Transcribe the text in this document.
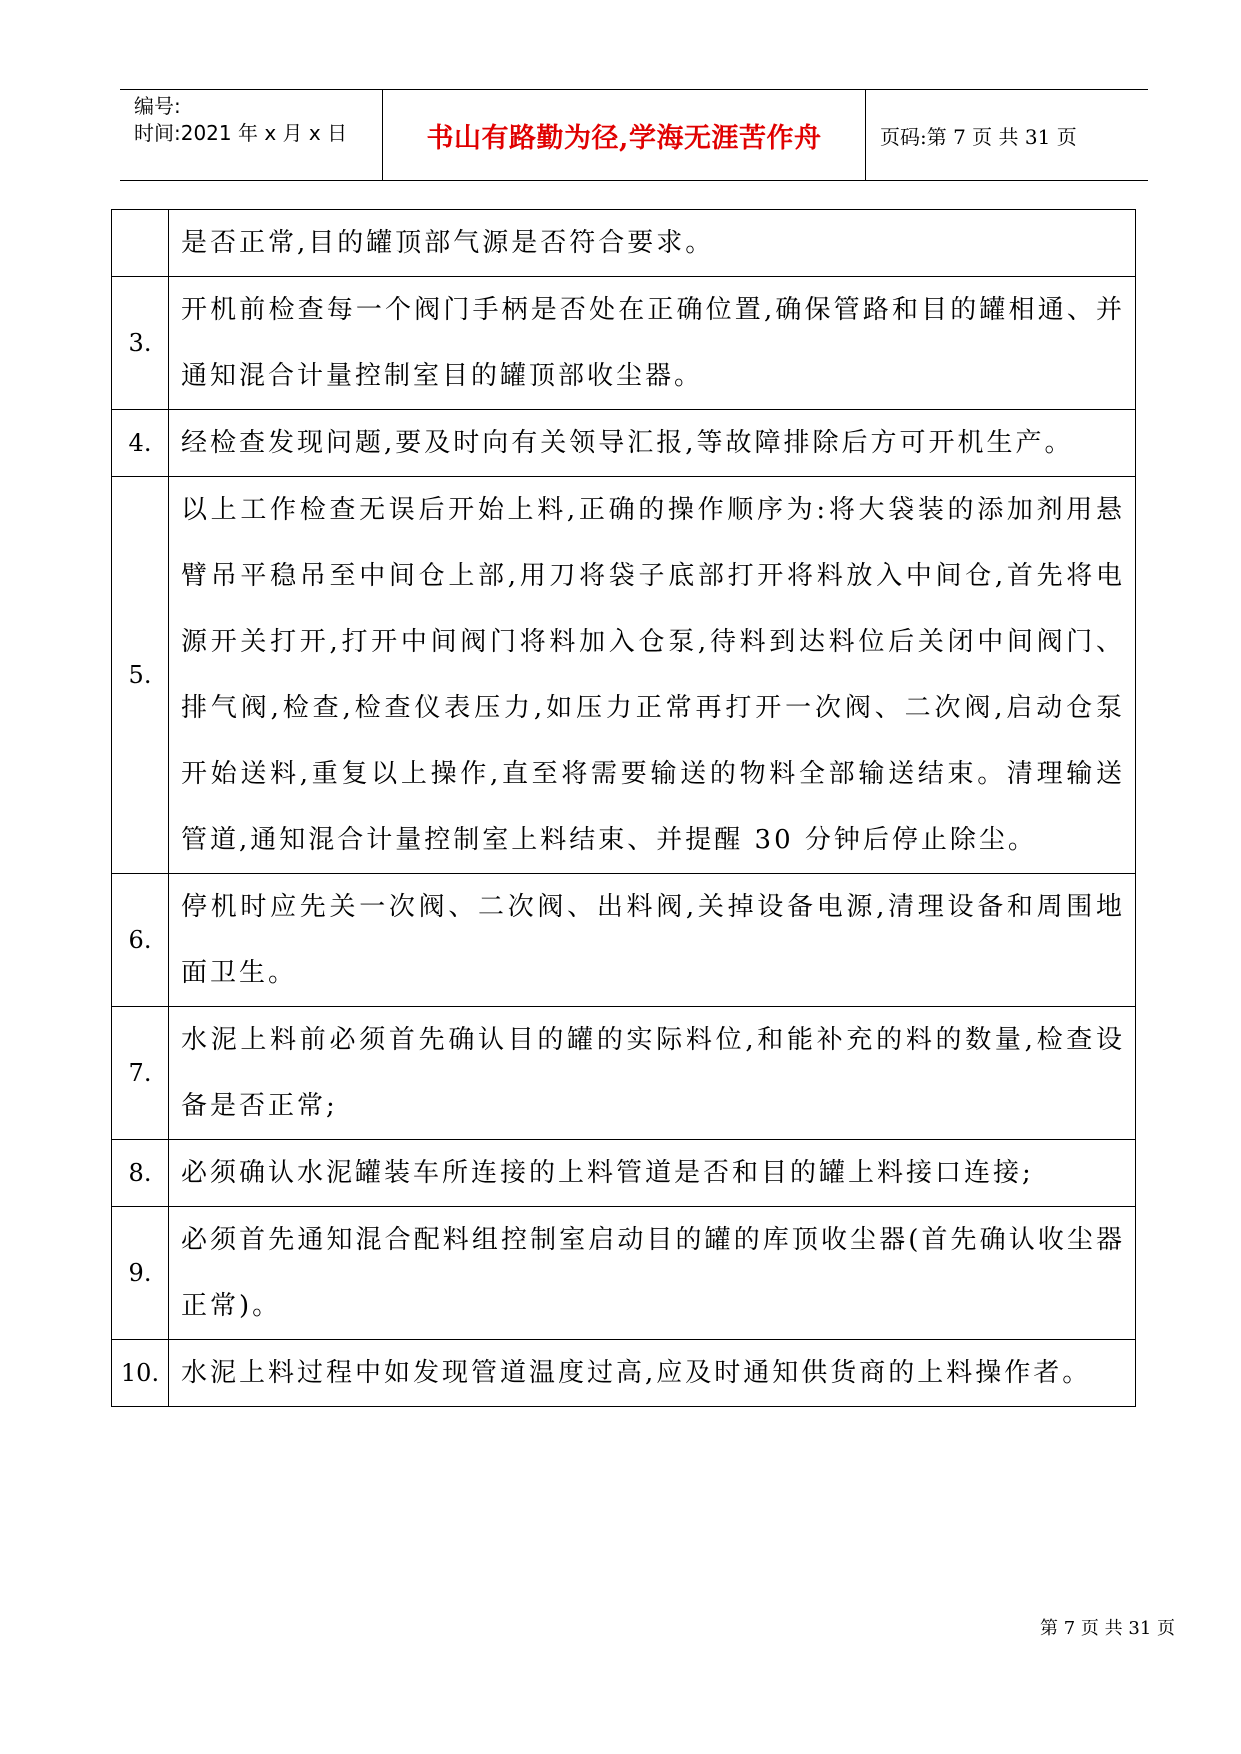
编号:
时间:2021 年 x 月 x 日	书山有路勤为径,学海无涯苦作舟	页码:第 7 页 共 31 页
	是否正常,目的罐顶部气源是否符合要求。
3.	开机前检查每一个阀门手柄是否处在正确位置,确保管路和目的罐相通、并通知混合计量控制室目的罐顶部收尘器。
4.	经检查发现问题,要及时向有关领导汇报,等故障排除后方可开机生产。
5.	以上工作检查无误后开始上料,正确的操作顺序为:将大袋装的添加剂用悬臂吊平稳吊至中间仓上部,用刀将袋子底部打开将料放入中间仓,首先将电源开关打开,打开中间阀门将料加入仓泵,待料到达料位后关闭中间阀门、排气阀,检查,检查仪表压力,如压力正常再打开一次阀、二次阀,启动仓泵开始送料,重复以上操作,直至将需要输送的物料全部输送结束。清理输送管道,通知混合计量控制室上料结束、并提醒 30 分钟后停止除尘。
6.	停机时应先关一次阀、二次阀、出料阀,关掉设备电源,清理设备和周围地面卫生。
7.	水泥上料前必须首先确认目的罐的实际料位,和能补充的料的数量,检查设备是否正常;
8.	必须确认水泥罐装车所连接的上料管道是否和目的罐上料接口连接;
9.	必须首先通知混合配料组控制室启动目的罐的库顶收尘器(首先确认收尘器正常)。
10.	水泥上料过程中如发现管道温度过高,应及时通知供货商的上料操作者。
第 7 页 共 31 页
